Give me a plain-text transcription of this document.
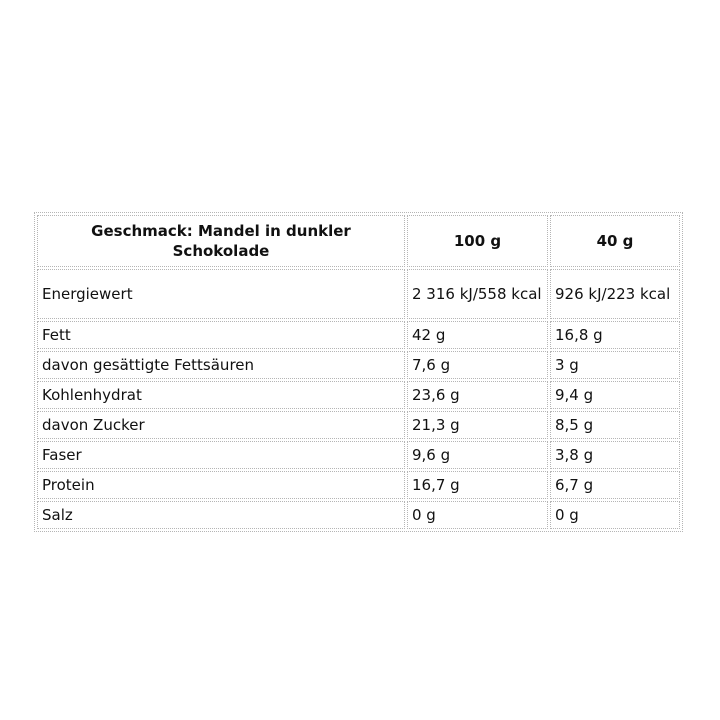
Geschmack: Mandel in dunkler Schokolade	100 g	40 g
Energiewert	2 316 kJ/558 kcal	926 kJ/223 kcal
Fett	42 g	16,8 g
davon gesättigte Fettsäuren	7,6 g	3 g
Kohlenhydrat	23,6 g	9,4 g
davon Zucker	21,3 g	8,5 g
Faser	9,6 g	3,8 g
Protein	16,7 g	6,7 g
Salz	0 g	0 g
